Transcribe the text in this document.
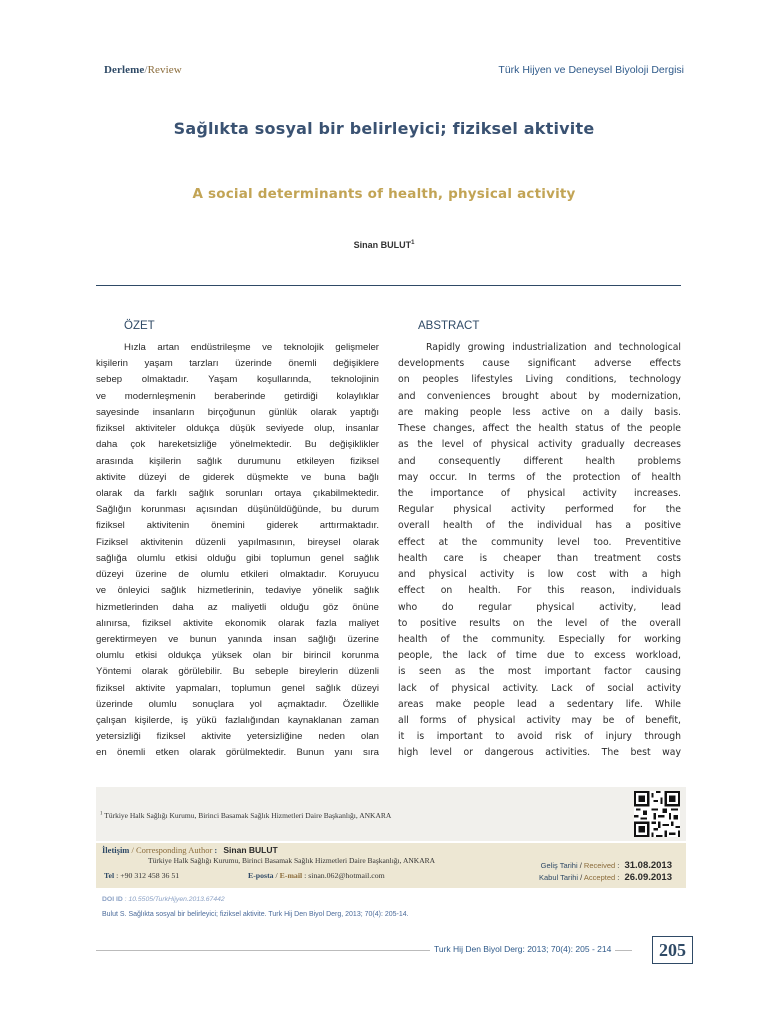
Derleme/Review	Türk Hijyen ve Deneysel Biyoloji Dergisi
Sağlıkta sosyal bir belirleyici; fiziksel aktivite
A social determinants of health, physical activity
Sinan BULUT$^1$
ÖZET
Hızla artan endüstrileşme ve teknolojik gelişmeler
kişilerin yaşam tarzları üzerinde önemli değişiklere
sebep olmaktadır. Yaşam koşullarında, teknolojinin
ve modernleşmenin beraberinde getirdiği kolaylıklar
sayesinde insanların birçoğunun günlük olarak yaptığı
fiziksel aktiviteler oldukça düşük seviyede olup, insanlar
daha çok hareketsizliğe yönelmektedir. Bu değişiklikler
arasında kişilerin sağlık durumunu etkileyen fiziksel
aktivite düzeyi de giderek düşmekte ve buna bağlı
olarak da farklı sağlık sorunları ortaya çıkabilmektedir.
Sağlığın korunması açısından düşünüldüğünde, bu durum
fiziksel aktivitenin önemini giderek arttırmaktadır.
Fiziksel aktivitenin düzenli yapılmasının, bireysel olarak
sağlığa olumlu etkisi olduğu gibi toplumun genel sağlık
düzeyi üzerine de olumlu etkileri olmaktadır. Koruyucu
ve önleyici sağlık hizmetlerinin, tedaviye yönelik sağlık
hizmetlerinden daha az maliyetli olduğu göz önüne
alınırsa, fiziksel aktivite ekonomik olarak fazla maliyet
gerektirmeyen ve bunun yanında insan sağlığı üzerine
olumlu etkisi oldukça yüksek olan bir birincil korunma
Yöntemi olarak görülebilir. Bu sebeple bireylerin düzenli
fiziksel aktivite yapmaları, toplumun genel sağlık düzeyi
üzerinde olumlu sonuçlara yol açmaktadır. Özellikle
çalışan kişilerde, iş yükü fazlalığından kaynaklanan zaman
yetersizliği fiziksel aktivite yetersizliğine neden olan
en önemli etken olarak görülmektedir. Bunun yanı sıra
ABSTRACT
Rapidly growing industrialization and technological
developments cause significant adverse effects
on peoples lifestyles Living conditions, technology
and conveniences brought about by modernization,
are making people less active on a daily basis.
These changes, affect the health status of the people
as the level of physical activity gradually decreases
and consequently different health problems
may occur. In terms of the protection of health
the importance of physical activity increases.
Regular physical activity performed for the
overall health of the individual has a positive
effect at the community level too. Preventitive
health care is cheaper than treatment costs
and physical activity is low cost with a high
effect on health. For this reason, individuals
who do regular physical activity, lead
to positive results on the level of the overall
health of the community. Especially for working
people, the lack of time due to excess workload,
is seen as the most important factor causing
lack of physical activity. Lack of social activity
areas make people lead a sedentary life. While
all forms of physical activity may be of benefit,
it is important to avoid risk of injury through
high level or dangerous activities. The best way
$^1$ Türkiye Halk Sağlığı Kurumu, Birinci Basamak Sağlık Hizmetleri Daire Başkanlığı, ANKARA
İletişim / Corresponding Author : Sinan BULUT
Türkiye Halk Sağlığı Kurumu, Birinci Basamak Sağlık Hizmetleri Daire Başkanlığı, ANKARA
Tel : +90 312 458 36 51	E-posta / E-mail : sinan.062@hotmail.com
Geliş Tarihi / Received : 31.08.2013
Kabul Tarihi / Accepted : 26.09.2013
DOI ID : 10.5505/TurkHijyen.2013.67442
Bulut S. Sağlıkta sosyal bir belirleyici; fiziksel aktivite. Turk Hij Den Biyol Derg, 2013; 70(4): 205-14.
Turk Hij Den Biyol Derg: 2013; 70(4): 205 - 214	205
